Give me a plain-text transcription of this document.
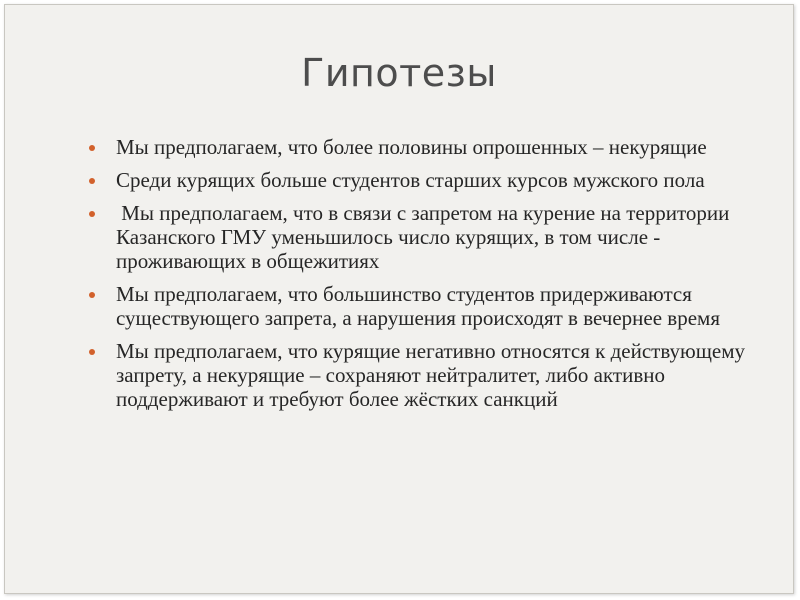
Гипотезы
Мы предполагаем, что более половины опрошенных – некурящие
Среди курящих больше студентов старших курсов мужского пола
Мы предполагаем, что в связи с запретом на курение на территории Казанского ГМУ уменьшилось число курящих, в том числе - проживающих в общежитиях
Мы предполагаем, что большинство студентов придерживаются существующего запрета, а нарушения происходят в вечернее время
Мы предполагаем, что курящие негативно относятся к действующему запрету, а некурящие – сохраняют нейтралитет, либо активно поддерживают и требуют более жёстких санкций
